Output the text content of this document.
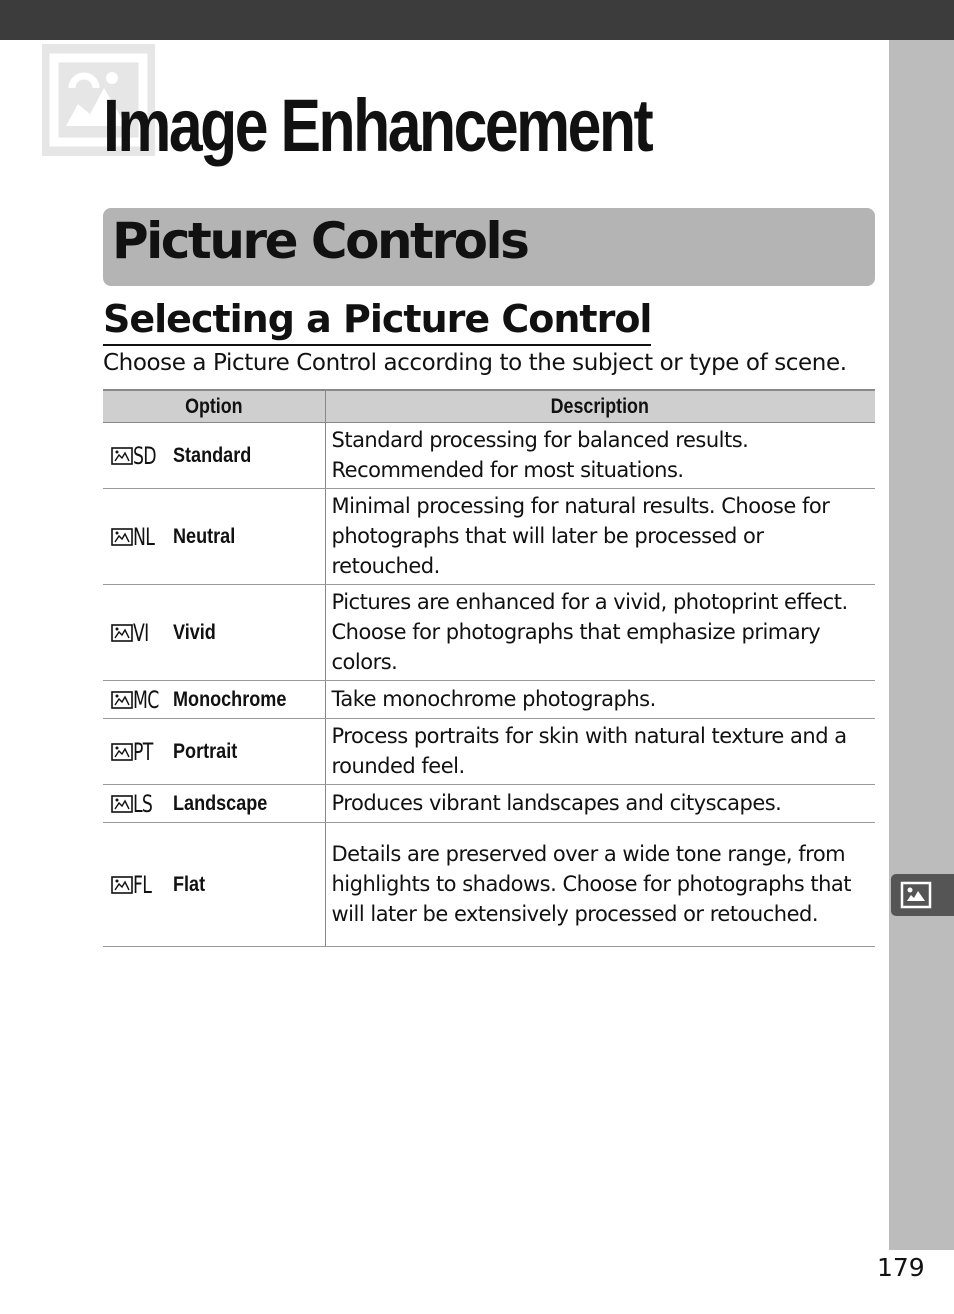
Image Enhancement
Picture Controls
Selecting a Picture Control

Choose a Picture Control according to the subject or type of scene.

Option	Description

SD Standard	Standard processing for balanced results. Recommended for most situations.

NL Neutral	Minimal processing for natural results. Choose for photographs that will later be processed or retouched.

VI Vivid	Pictures are enhanced for a vivid, photoprint effect. Choose for photographs that emphasize primary colors.

MC Monochrome	Take monochrome photographs.

PT Portrait	Process portraits for skin with natural texture and a rounded feel.

LS Landscape	Produces vibrant landscapes and cityscapes.

FL Flat	Details are preserved over a wide tone range, from highlights to shadows. Choose for photographs that will later be extensively processed or retouched.

179
